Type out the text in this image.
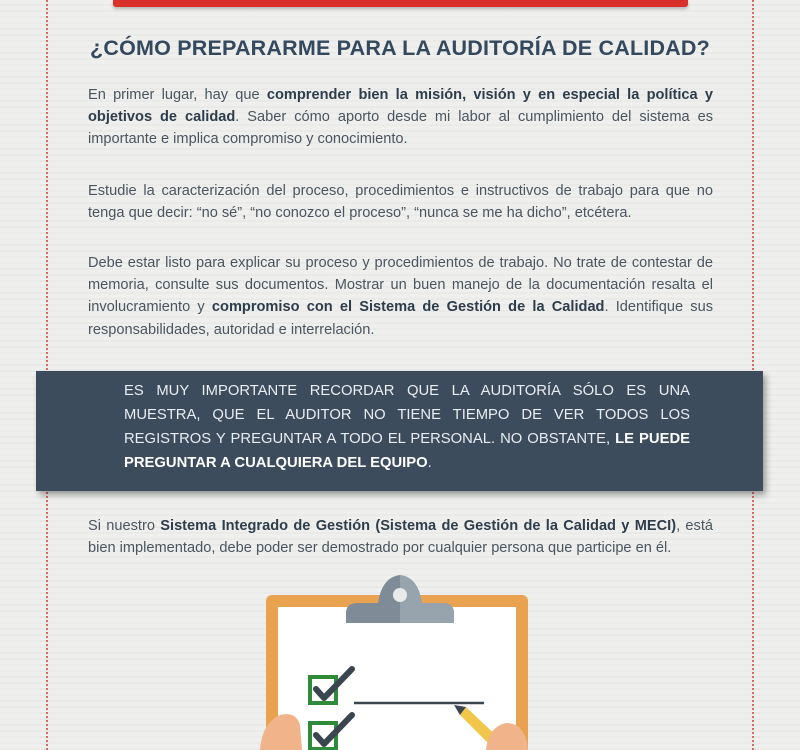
¿CÓMO PREPARARME PARA LA AUDITORÍA DE CALIDAD?

En primer lugar, hay que comprender bien la misión, visión y en especial la política y objetivos de calidad. Saber cómo aporto desde mi labor al cumplimiento del sistema es importante e implica compromiso y conocimiento.

Estudie la caracterización del proceso, procedimientos e instructivos de trabajo para que no tenga que decir: “no sé”, “no conozco el proceso”, “nunca se me ha dicho”, etcétera.

Debe estar listo para explicar su proceso y procedimientos de trabajo. No trate de contestar de memoria, consulte sus documentos. Mostrar un buen manejo de la documentación resalta el involucramiento y compromiso con el Sistema de Gestión de la Calidad. Identifique sus responsabilidades, autoridad e interrelación.

ES MUY IMPORTANTE RECORDAR QUE LA AUDITORÍA SÓLO ES UNA MUESTRA, QUE EL AUDITOR NO TIENE TIEMPO DE VER TODOS LOS REGISTROS Y PREGUNTAR A TODO EL PERSONAL. NO OBSTANTE, LE PUEDE PREGUNTAR A CUALQUIERA DEL EQUIPO.

Si nuestro Sistema Integrado de Gestión (Sistema de Gestión de la Calidad y MECI), está bien implementado, debe poder ser demostrado por cualquier persona que participe en él.
